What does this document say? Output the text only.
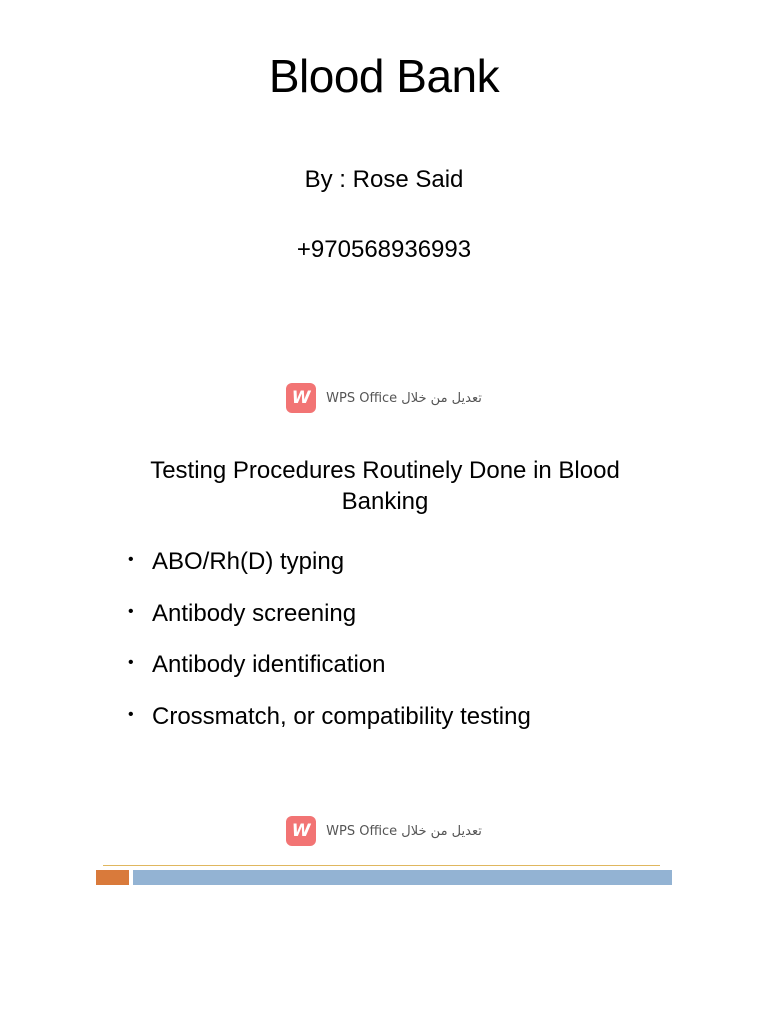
Blood Bank
By : Rose Said
+970568936993
W	تعديل من خلال WPS Office
Testing Procedures Routinely Done in Blood Banking
• ABO/Rh(D) typing
• Antibody screening
• Antibody identification
• Crossmatch, or compatibility testing
W	تعديل من خلال WPS Office
